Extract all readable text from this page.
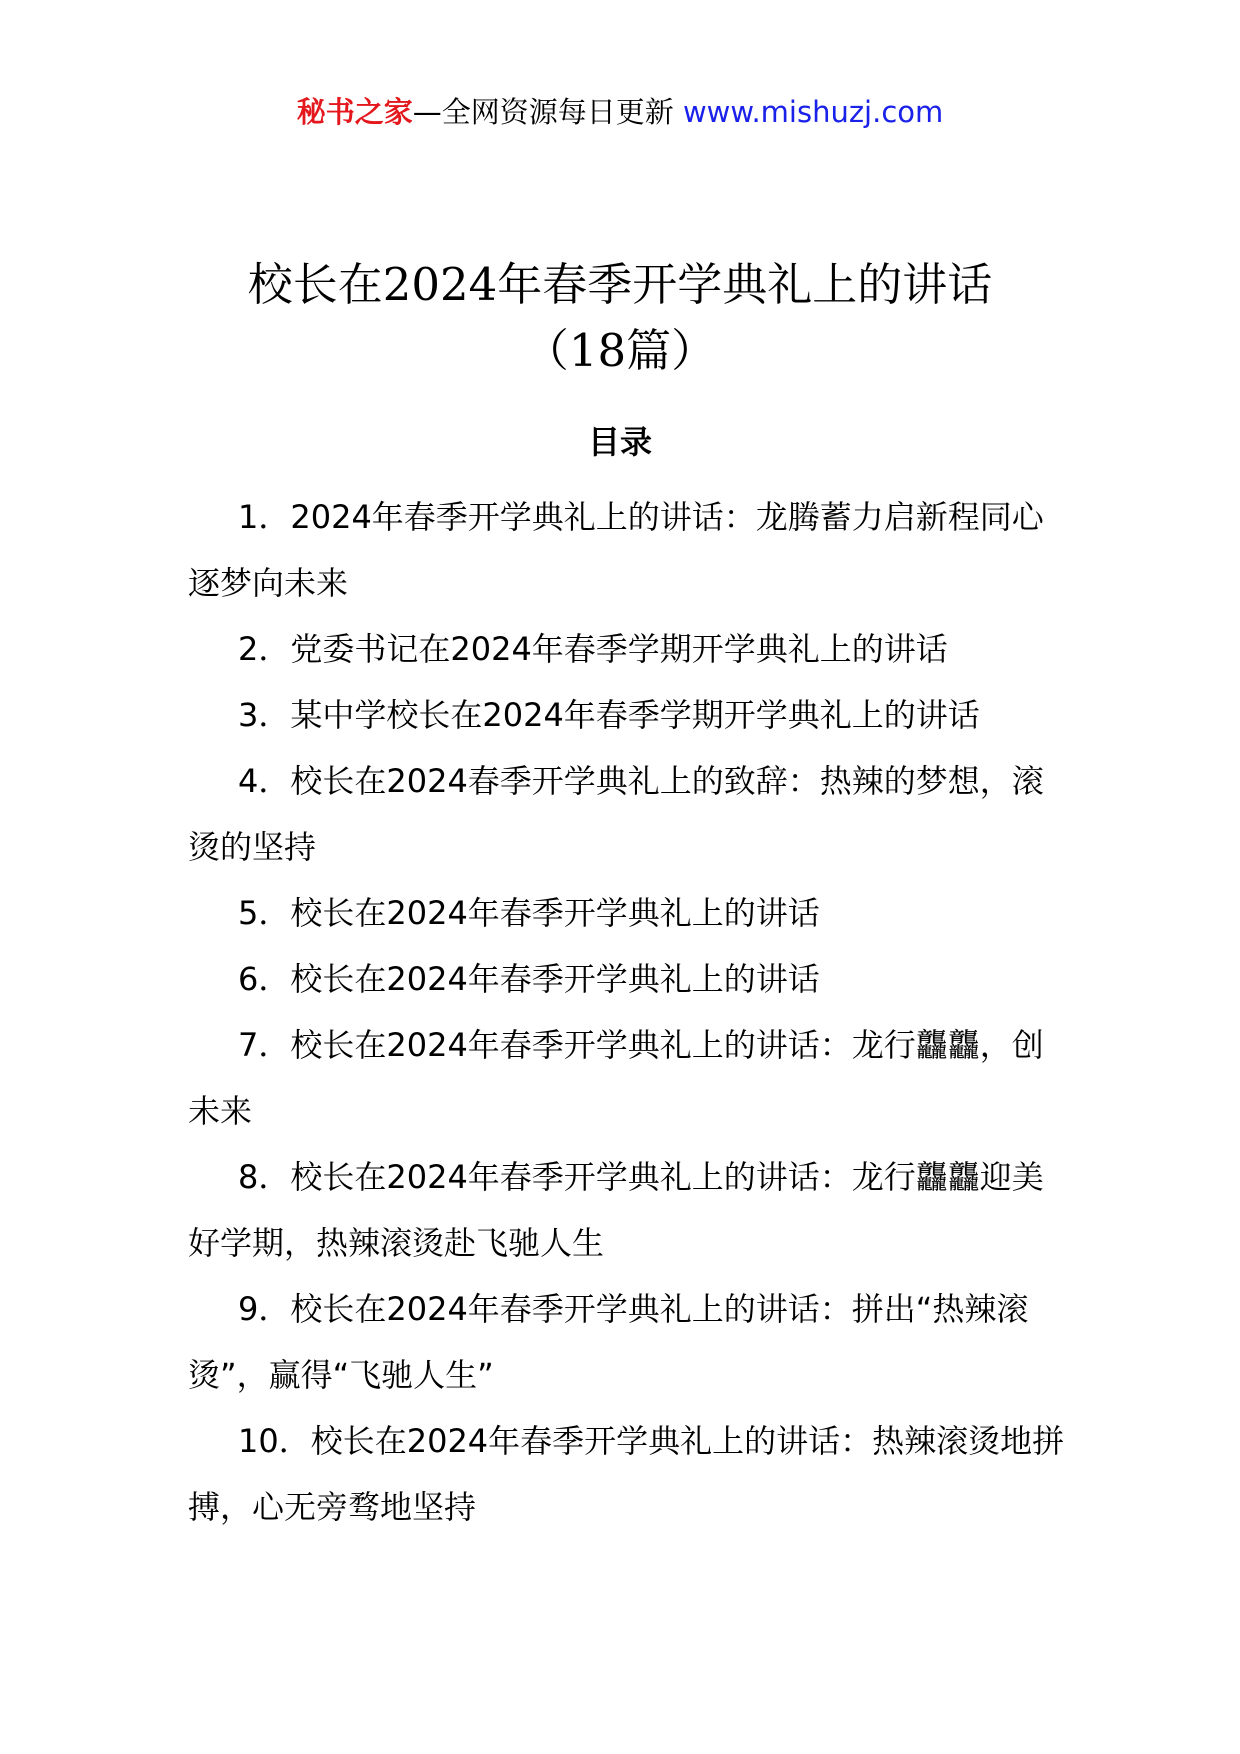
秘书之家—全网资源每日更新 www.mishuzj.com
校长在2024年春季开学典礼上的讲话
（18篇）
目录
1．2024年春季开学典礼上的讲话：龙腾蓄力启新程同心逐梦向未来
2．党委书记在2024年春季学期开学典礼上的讲话
3．某中学校长在2024年春季学期开学典礼上的讲话
4．校长在2024春季开学典礼上的致辞：热辣的梦想，滚烫的坚持
5．校长在2024年春季开学典礼上的讲话
6．校长在2024年春季开学典礼上的讲话
7．校长在2024年春季开学典礼上的讲话：龙行龘龘，创未来
8．校长在2024年春季开学典礼上的讲话：龙行龘龘迎美好学期，热辣滚烫赴飞驰人生
9．校长在2024年春季开学典礼上的讲话：拼出“热辣滚烫”，赢得“飞驰人生”
10．校长在2024年春季开学典礼上的讲话：热辣滚烫地拼搏，心无旁骛地坚持
